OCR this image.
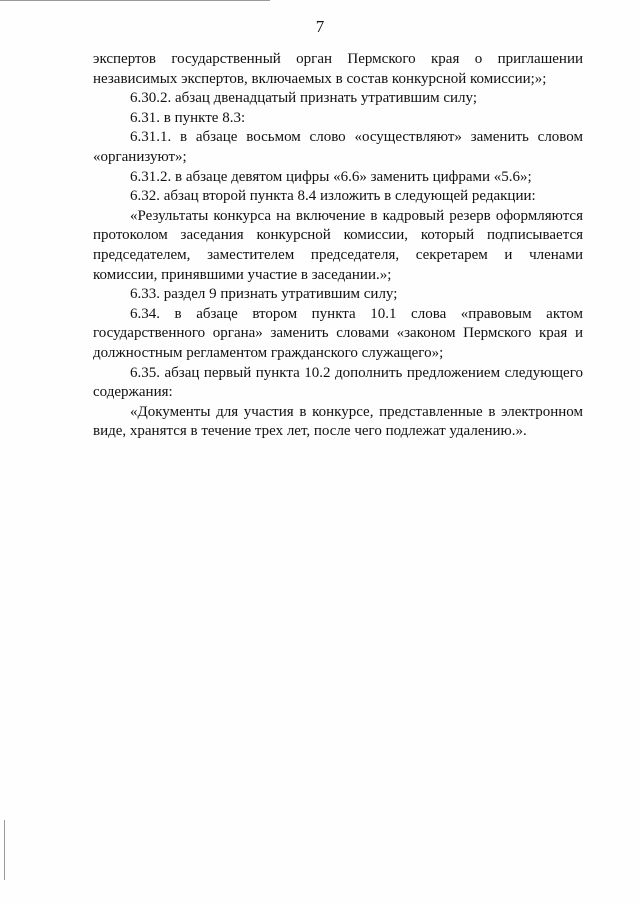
7

экспертов государственный орган Пермского края о приглашении независимых экспертов, включаемых в состав конкурсной комиссии;»;

6.30.2. абзац двенадцатый признать утратившим силу;

6.31. в пункте 8.3:

6.31.1. в абзаце восьмом слово «осуществляют» заменить словом «организуют»;

6.31.2. в абзаце девятом цифры «6.6» заменить цифрами «5.6»;

6.32. абзац второй пункта 8.4 изложить в следующей редакции:

«Результаты конкурса на включение в кадровый резерв оформляются протоколом заседания конкурсной комиссии, который подписывается председателем, заместителем председателя, секретарем и членами комиссии, принявшими участие в заседании.»;

6.33. раздел 9 признать утратившим силу;

6.34. в абзаце втором пункта 10.1 слова «правовым актом государственного органа» заменить словами «законом Пермского края и должностным регламентом гражданского служащего»;

6.35. абзац первый пункта 10.2 дополнить предложением следующего содержания:

«Документы для участия в конкурсе, представленные в электронном виде, хранятся в течение трех лет, после чего подлежат удалению.».
